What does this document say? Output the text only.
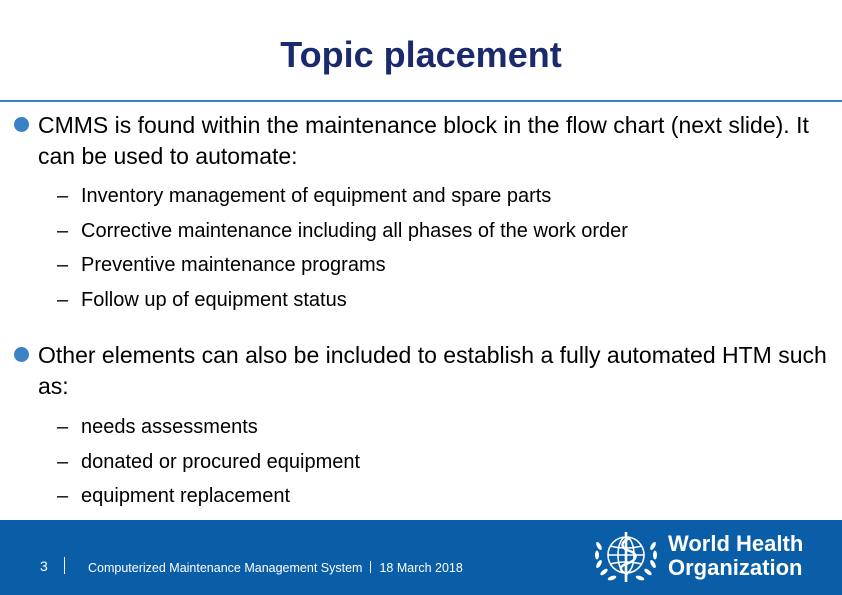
Topic placement
CMMS is found within the maintenance block in the flow chart (next slide). It can be used to automate:
– Inventory management of equipment and spare parts
– Corrective maintenance including all phases of the work order
– Preventive maintenance programs
– Follow up of equipment status
Other elements can also be included to establish a fully automated HTM such as:
– needs assessments
– donated or procured equipment
– equipment replacement
3	Computerized Maintenance Management System 18 March 2018
World Health
Organization
